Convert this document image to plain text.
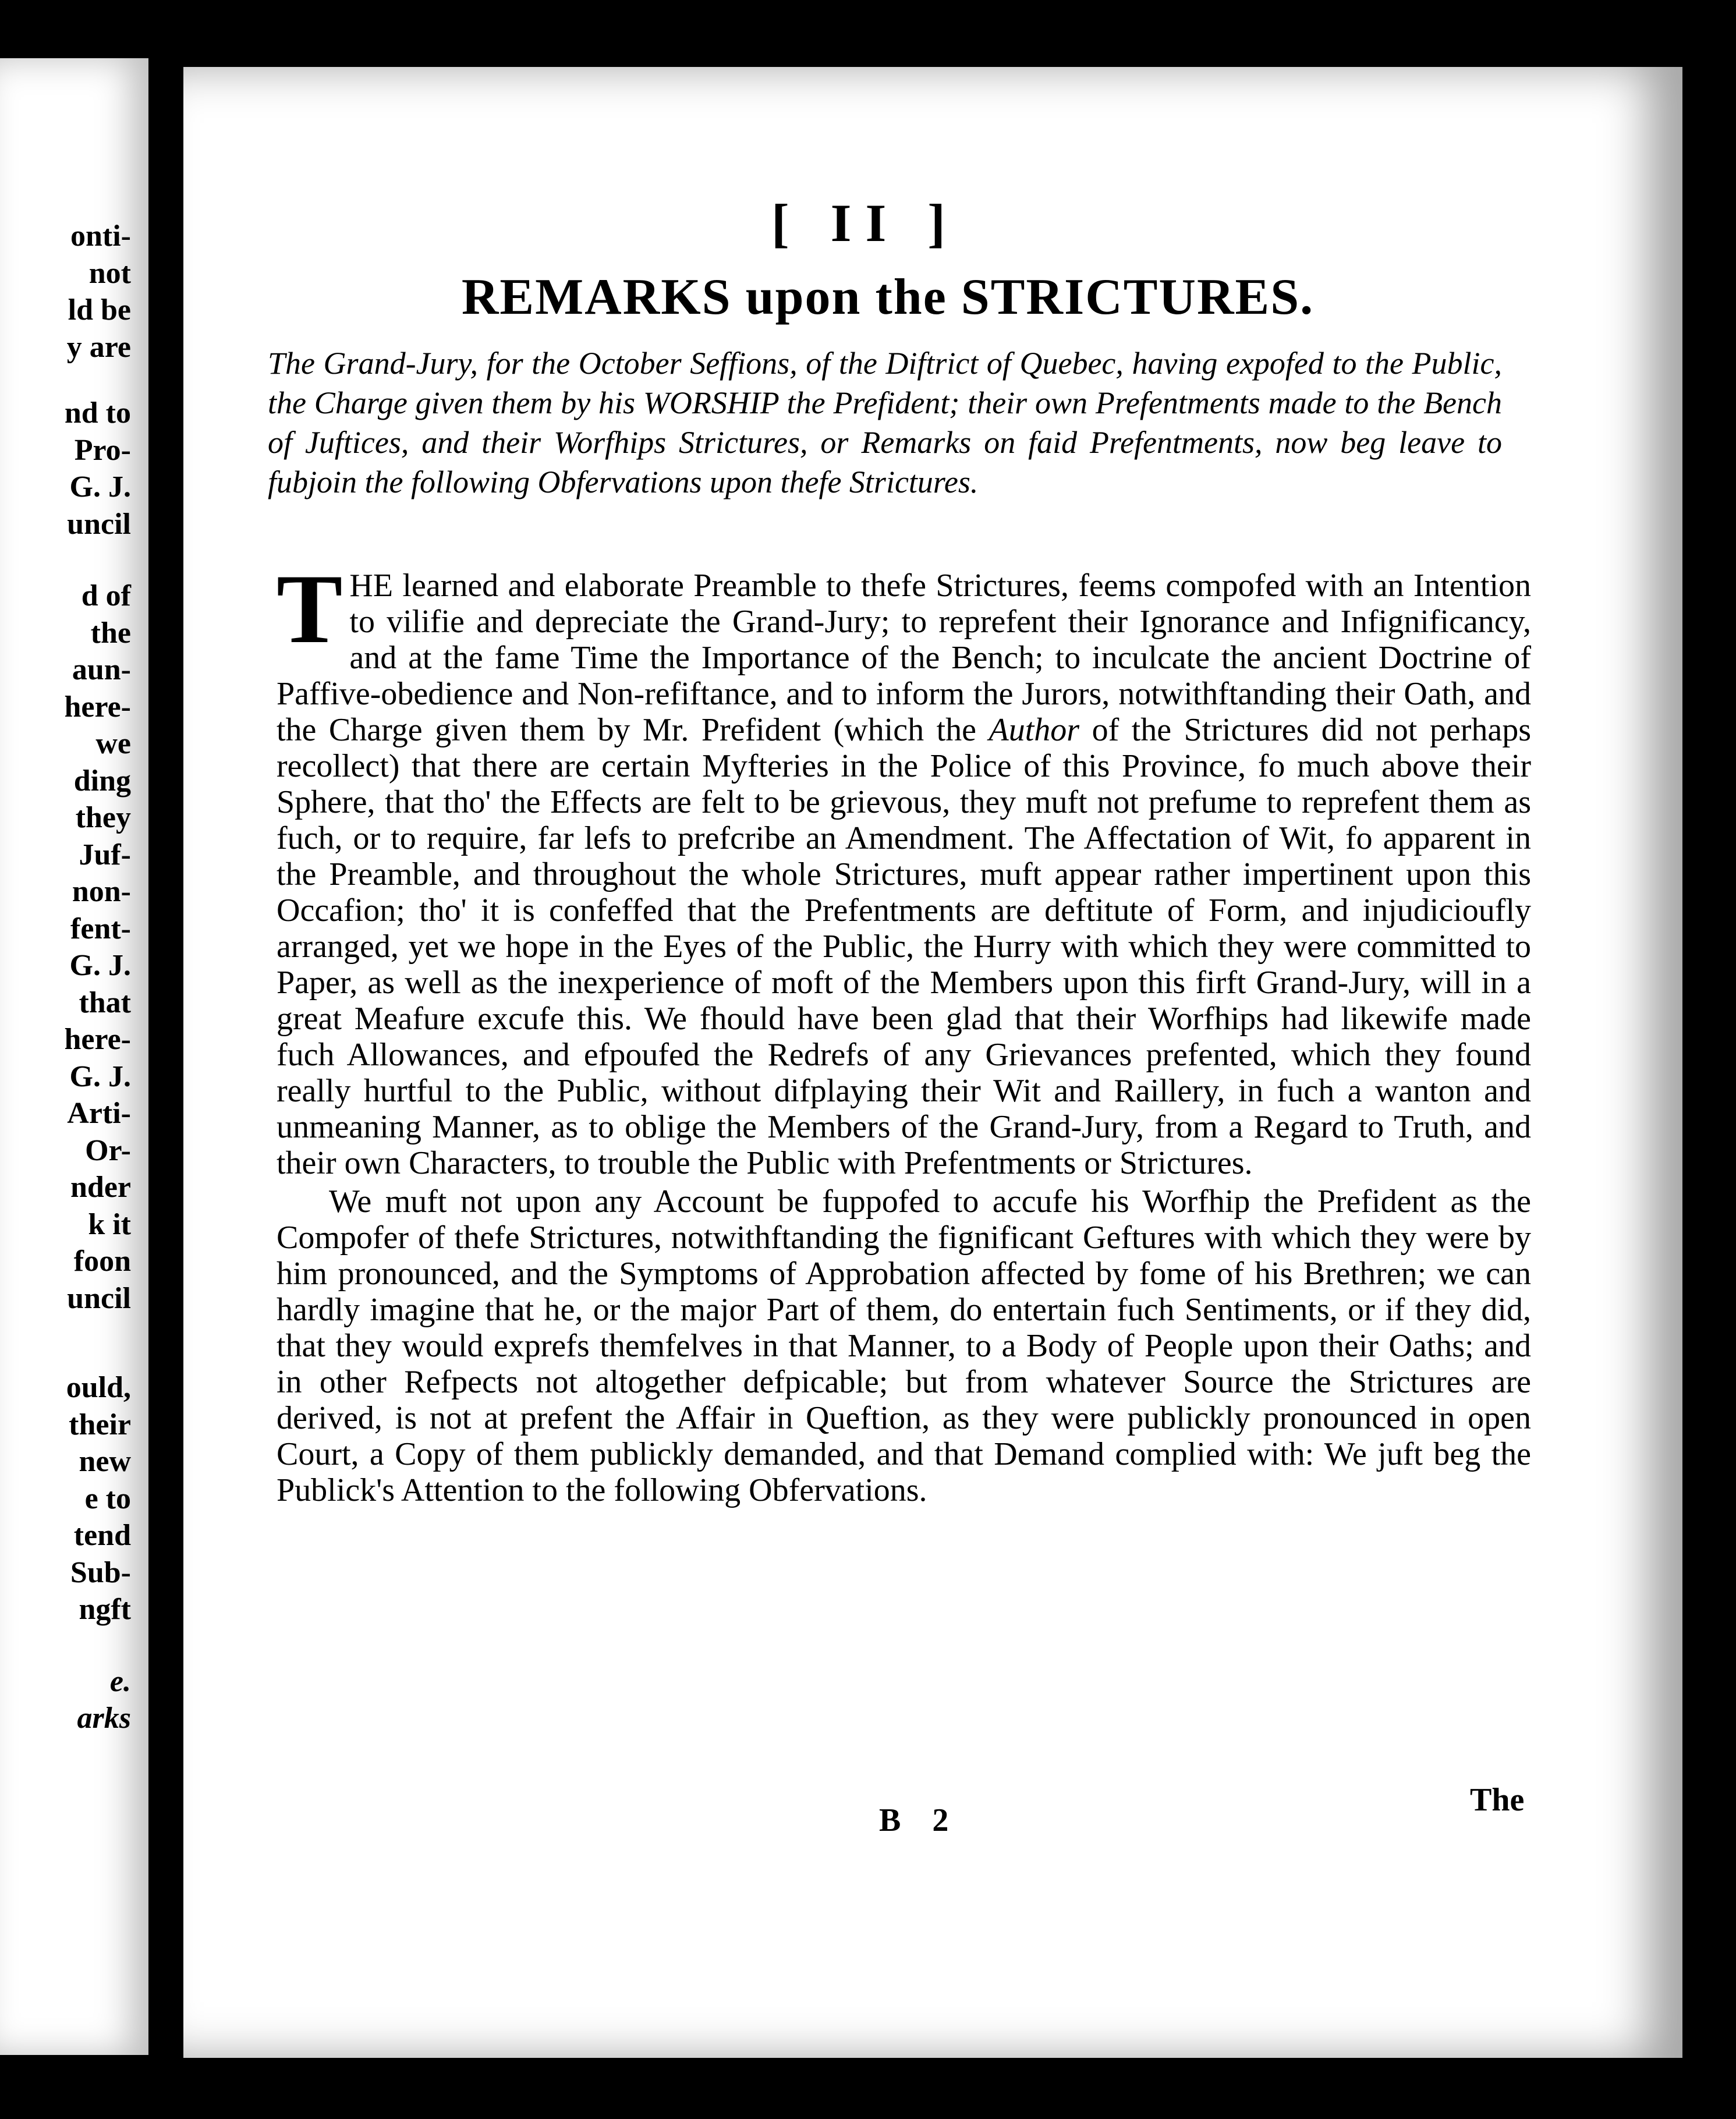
onti-
not
ld be
y are
nd to
Pro-
G. J.
uncil
d of
the
aun-
here-
we
ding
they
Juf-
non-
fent-
G. J.
that
here-
G. J.
Arti-
Or-
nder
k it
foon
uncil
ould,
their
new
e to
tend
Sub-
ngft
e.
arks
[ II ]
REMARKS upon the STRICTURES.

The Grand-Jury, for the October Seffions, of the Diftrict of Quebec, having expofed to the Public, the Charge given them by his WORSHIP the Prefident; their own Prefentments made to the Bench of Juftices, and their Worfhips Strictures, or Remarks on faid Prefentments, now beg leave to fubjoin the following Obfervations upon thefe Strictures.

THE learned and elaborate Preamble to thefe Strictures, feems compofed with an Intention to vilifie and depreciate the Grand-Jury; to reprefent their Ignorance and Infignificancy, and at the fame Time the Importance of the Bench; to inculcate the ancient Doctrine of Paffive-obedience and Non-refiftance, and to inform the Jurors, notwithftanding their Oath, and the Charge given them by Mr. Prefident (which the Author of the Strictures did not perhaps recollect) that there are certain Myfteries in the Police of this Province, fo much above their Sphere, that tho' the Effects are felt to be grievous, they muft not prefume to reprefent them as fuch, or to require, far lefs to prefcribe an Amendment. The Affectation of Wit, fo apparent in the Preamble, and throughout the whole Strictures, muft appear rather impertinent upon this Occafion; tho' it is confeffed that the Prefentments are deftitute of Form, and injudicioufly arranged, yet we hope in the Eyes of the Public, the Hurry with which they were committed to Paper, as well as the inexperience of moft of the Members upon this firft Grand-Jury, will in a great Meafure excufe this. We fhould have been glad that their Worfhips had likewife made fuch Allowances, and efpoufed the Redrefs of any Grievances prefented, which they found really hurtful to the Public, without difplaying their Wit and Raillery, in fuch a wanton and unmeaning Manner, as to oblige the Members of the Grand-Jury, from a Regard to Truth, and their own Characters, to trouble the Public with Prefentments or Strictures.

We muft not upon any Account be fuppofed to accufe his Worfhip the Prefident as the Compofer of thefe Strictures, notwithftanding the fignificant Geftures with which they were by him pronounced, and the Symptoms of Approbation affected by fome of his Brethren; we can hardly imagine that he, or the major Part of them, do entertain fuch Sentiments, or if they did, that they would exprefs themfelves in that Manner, to a Body of People upon their Oaths; and in other Refpects not altogether defpicable; but from whatever Source the Strictures are derived, is not at prefent the Affair in Queftion, as they were publickly pronounced in open Court, a Copy of them publickly demanded, and that Demand complied with: We juft beg the Publick's Attention to the following Obfervations.

B 2
The
